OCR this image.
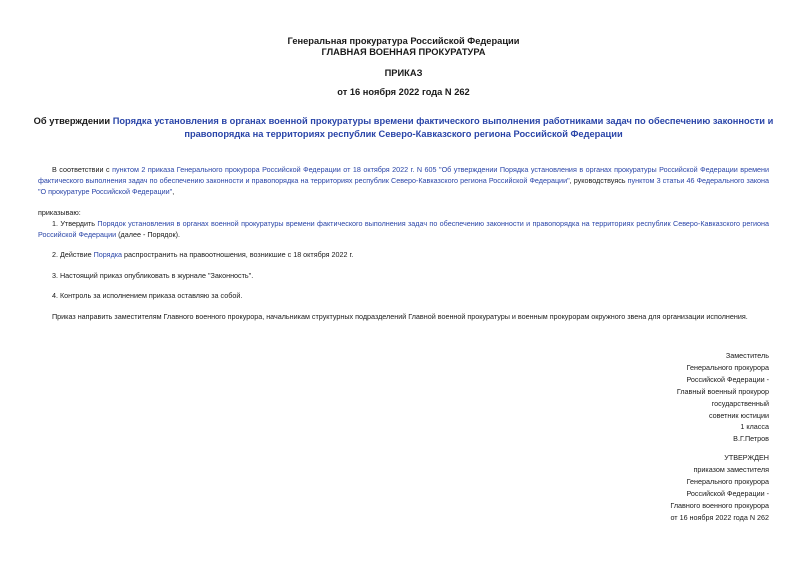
Генеральная прокуратура Российской Федерации
ГЛАВНАЯ ВОЕННАЯ ПРОКУРАТУРА
ПРИКАЗ
от 16 ноября 2022 года N 262
Об утверждении Порядка установления в органах военной прокуратуры времени фактического выполнения работниками задач по обеспечению законности и правопорядка на территориях республик Северо-Кавказского региона Российской Федерации
В соответствии с пунктом 2 приказа Генерального прокурора Российской Федерации от 18 октября 2022 г. N 605 "Об утверждении Порядка установления в органах прокуратуры Российской Федерации времени фактического выполнения задач по обеспечению законности и правопорядка на территориях республик Северо-Кавказского региона Российской Федерации", руководствуясь пунктом 3 статьи 46 Федерального закона "О прокуратуре Российской Федерации",
приказываю:
1. Утвердить Порядок установления в органах военной прокуратуры времени фактического выполнения задач по обеспечению законности и правопорядка на территориях республик Северо-Кавказского региона Российской Федерации (далее - Порядок).
2. Действие Порядка распространить на правоотношения, возникшие с 18 октября 2022 г.
3. Настоящий приказ опубликовать в журнале "Законность".
4. Контроль за исполнением приказа оставляю за собой.
Приказ направить заместителям Главного военного прокурора, начальникам структурных подразделений Главной военной прокуратуры и военным прокурорам окружного звена для организации исполнения.
Заместитель
Генерального прокурора
Российской Федерации -
Главный военный прокурор
государственный
советник юстиции
1 класса
В.Г.Петров
УТВЕРЖДЕН
приказом заместителя
Генерального прокурора
Российской Федерации -
Главного военного прокурора
от 16 ноября 2022 года N 262
